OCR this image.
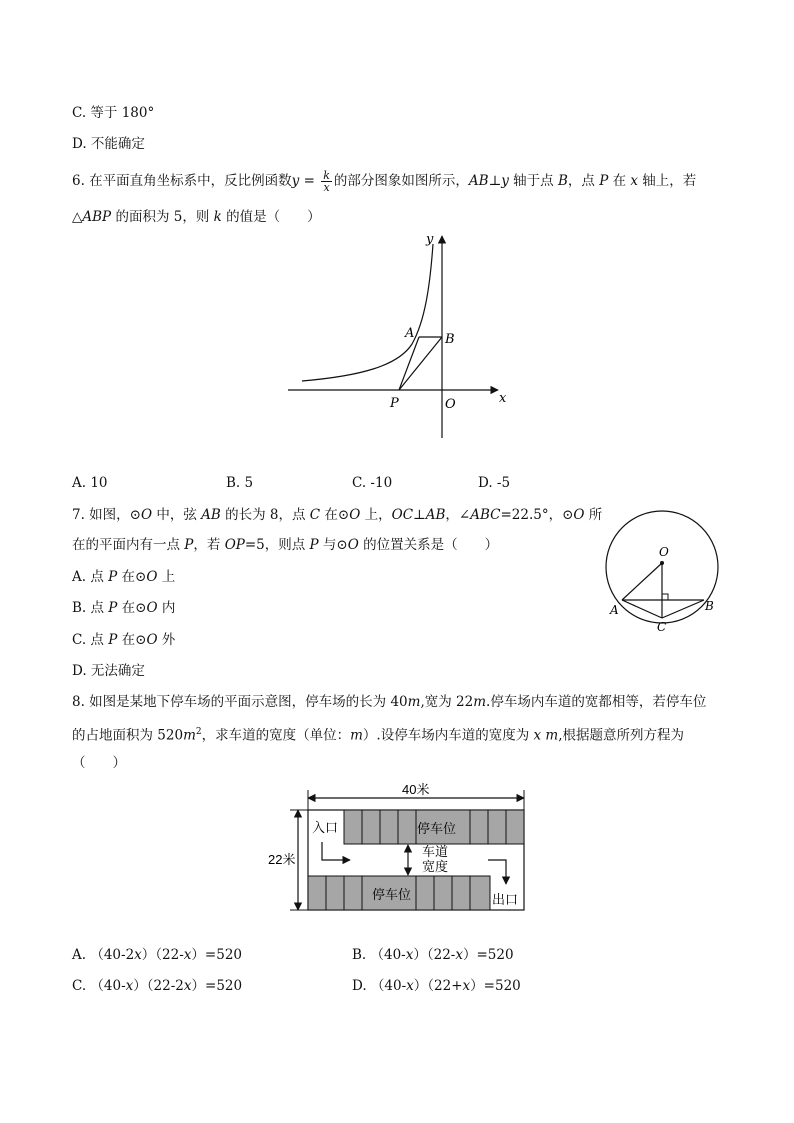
C. 等于 180°
D. 不能确定
6. 在平面直角坐标系中，反比例函数$y = \frac{k}{x}$ 的部分图象如图所示，AB⊥y 轴于点 B，点 P 在 x 轴上，若
△ABP 的面积为 5，则 k 的值是（　　）
y
x
A B
P	O
A. 10	B. 5	C. -10	D. -5
7. 如图，⊙O 中，弦 AB 的长为 8，点 C 在⊙O 上，OC⊥AB，∠ABC=22.5°，⊙O 所
在的平面内有一点 P，若 OP=5，则点 P 与⊙O 的位置关系是（　　）
A. 点 P 在⊙O 上
B. 点 P 在⊙O 内
C. 点 P 在⊙O 外
D. 无法确定
O
A	B
C
8. 如图是某地下停车场的平面示意图，停车场的长为 40m,宽为 22m.停车场内车道的宽都相等，若停车位
的占地面积为 $520m^2$，求车道的宽度（单位：m）.设停车场内车道的宽度为 x m,根据题意所列方程为
（　　）
40米
22米
停车位
停车位
入口
出口
车道
宽度
A. （40-2x）（22-x）=520	B. （40-x）（22-x）=520
C. （40-x）（22-2x）=520	D. （40-x）（22+x）=520
